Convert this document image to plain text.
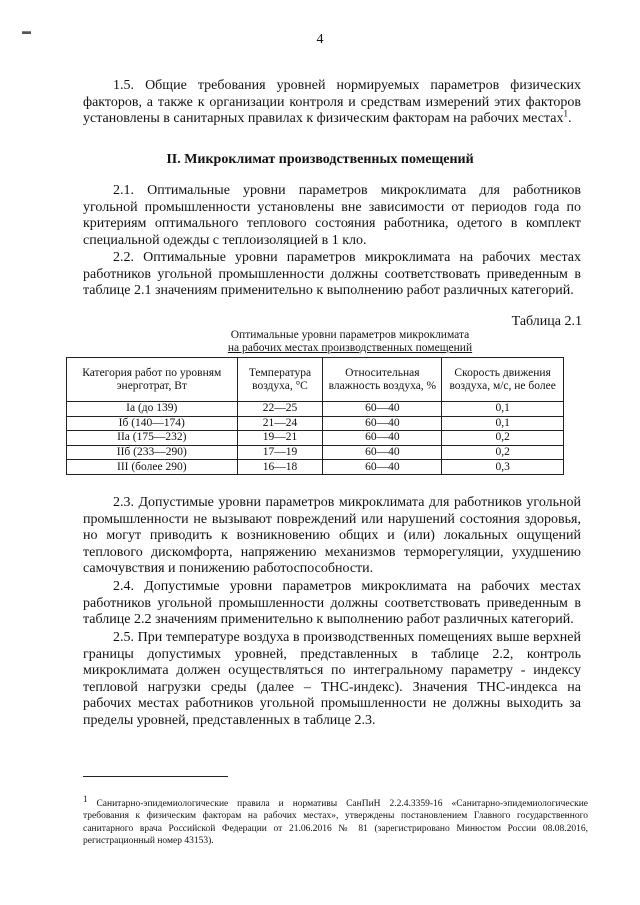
▬
4
1.5. Общие требования уровней нормируемых параметров физических факторов, а также к организации контроля и средствам измерений этих факторов установлены в санитарных правилах к физическим факторам на рабочих местах$^1$.
II. Микроклимат производственных помещений
2.1. Оптимальные уровни параметров микроклимата для работников угольной промышленности установлены вне зависимости от периодов года по критериям оптимального теплового состояния работника, одетого в комплект специальной одежды с теплоизоляцией в 1 кло.
2.2. Оптимальные уровни параметров микроклимата на рабочих местах работников угольной промышленности должны соответствовать приведенным в таблице 2.1 значениям применительно к выполнению работ различных категорий.
Таблица 2.1
Оптимальные уровни параметров микроклимата
на рабочих местах производственных помещений
Категория работ по уровням энерготрат, Вт	Температура воздуха, °С	Относительная влажность воздуха, %	Скорость движения воздуха, м/с, не более
Ia (до 139)	22—25	60—40	0,1
Iб (140—174)	21—24	60—40	0,1
IIa (175—232)	19—21	60—40	0,2
IIб (233—290)	17—19	60—40	0,2
III (более 290)	16—18	60—40	0,3
2.3. Допустимые уровни параметров микроклимата для работников угольной промышленности не вызывают повреждений или нарушений состояния здоровья, но могут приводить к возникновению общих и (или) локальных ощущений теплового дискомфорта, напряжению механизмов терморегуляции, ухудшению самочувствия и понижению работоспособности.
2.4. Допустимые уровни параметров микроклимата на рабочих местах работников угольной промышленности должны соответствовать приведенным в таблице 2.2 значениям применительно к выполнению работ различных категорий.
2.5. При температуре воздуха в производственных помещениях выше верхней границы допустимых уровней, представленных в таблице 2.2, контроль микроклимата должен осуществляться по интегральному параметру - индексу тепловой нагрузки среды (далее – ТНС-индекс). Значения ТНС-индекса на рабочих местах работников угольной промышленности не должны выходить за пределы уровней, представленных в таблице 2.3.
$^1$ Санитарно-эпидемиологические правила и нормативы СанПиН 2.2.4.3359-16 «Санитарно-эпидемиологические требования к физическим факторам на рабочих местах», утверждены постановлением Главного государственного санитарного врача Российской Федерации от 21.06.2016 № 81 (зарегистрировано Минюстом России 08.08.2016, регистрационный номер 43153).
